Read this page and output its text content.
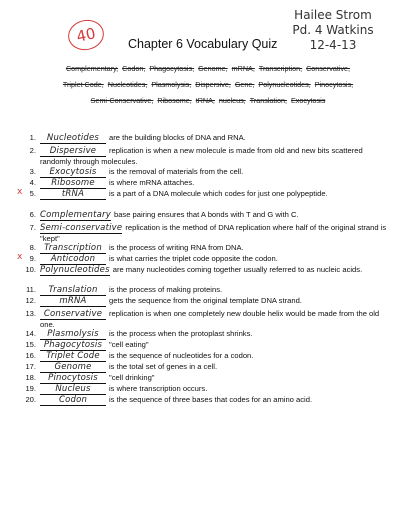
40
Hailee Strom
Pd. 4 Watkins
12-4-13
Chapter 6 Vocabulary Quiz
Complementary, Codon, Phagocytosis, Genome, mRNA, Transcription, Conservative,
Triplet Code, Nucleotides, Plasmolysis, Dispersive, Gene, Polynucleotides, Pinocytosis,
Semi-Conservative, Ribosome, tRNA, nucleus, Translation, Exocytosis
1.	Nucleotides are the building blocks of DNA and RNA.
2.	Dispersive replication is when a new molecule is made from old and new bits scattered randomly through molecules.
3.	Exocytosis is the removal of materials from the cell.
4.	Ribosome is where mRNA attaches.
x 5.	tRNA	is a part of a DNA molecule which codes for just one polypeptide.
6. Complementary base pairing ensures that A bonds with T and G with C.
7. Semi-conservative replication is the method of DNA replication where half of the original strand is "kept"
8. Transcription is the process of writing RNA from DNA.
x 9.	Anticodon is what carries the triplet code opposite the codon.
10. Polynucleotides are many nucleotides coming together usually referred to as nucleic acids.
11.	Translation is the process of making proteins.
12.	mRNA	gets the sequence from the original template DNA strand.
13. Conservative replication is when one completely new double helix would be made from the old one.
14.	Plasmolysis is the process when the protoplast shrinks.
15. Phagocytosis "cell eating"
16.	Triplet Code is the sequence of nucleotides for a codon.
17.	Genome is the total set of genes in a cell.
18.	Pinocytosis "cell drinking"
19.	Nucleus is where transcription occurs.
20.	Codon	is the sequence of three bases that codes for an amino acid.
